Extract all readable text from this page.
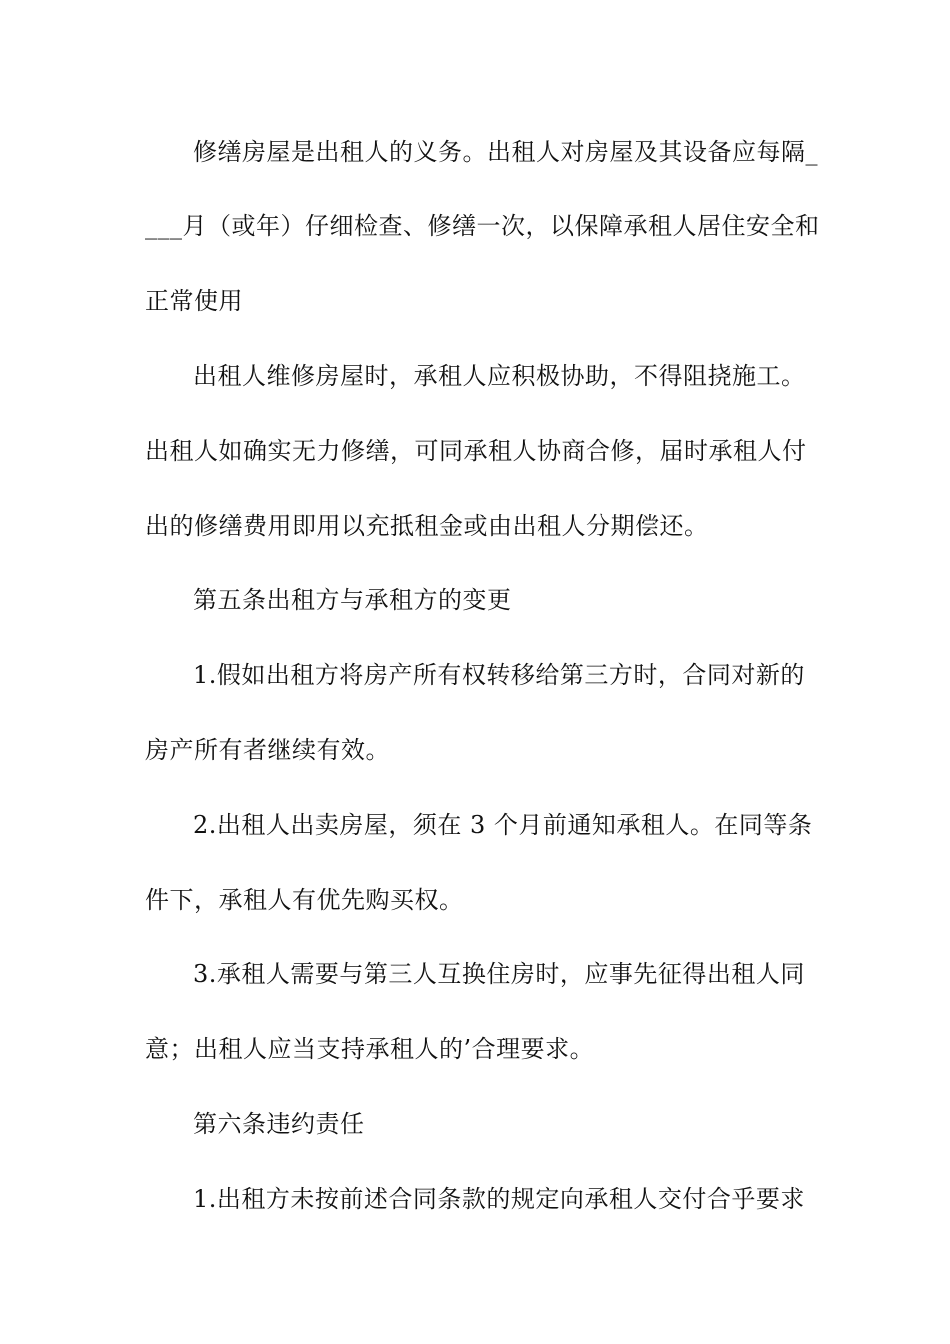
修缮房屋是出租人的义务。出租人对房屋及其设备应每隔_

___月（或年）仔细检查、修缮一次，以保障承租人居住安全和

正常使用

出租人维修房屋时，承租人应积极协助，不得阻挠施工。

出租人如确实无力修缮，可同承租人协商合修，届时承租人付

出的修缮费用即用以充抵租金或由出租人分期偿还。

第五条出租方与承租方的变更

1.假如出租方将房产所有权转移给第三方时，合同对新的

房产所有者继续有效。

2.出租人出卖房屋，须在 3 个月前通知承租人。在同等条

件下，承租人有优先购买权。

3.承租人需要与第三人互换住房时，应事先征得出租人同

意；出租人应当支持承租人的’合理要求。

第六条违约责任

1.出租方未按前述合同条款的规定向承租人交付合乎要求
